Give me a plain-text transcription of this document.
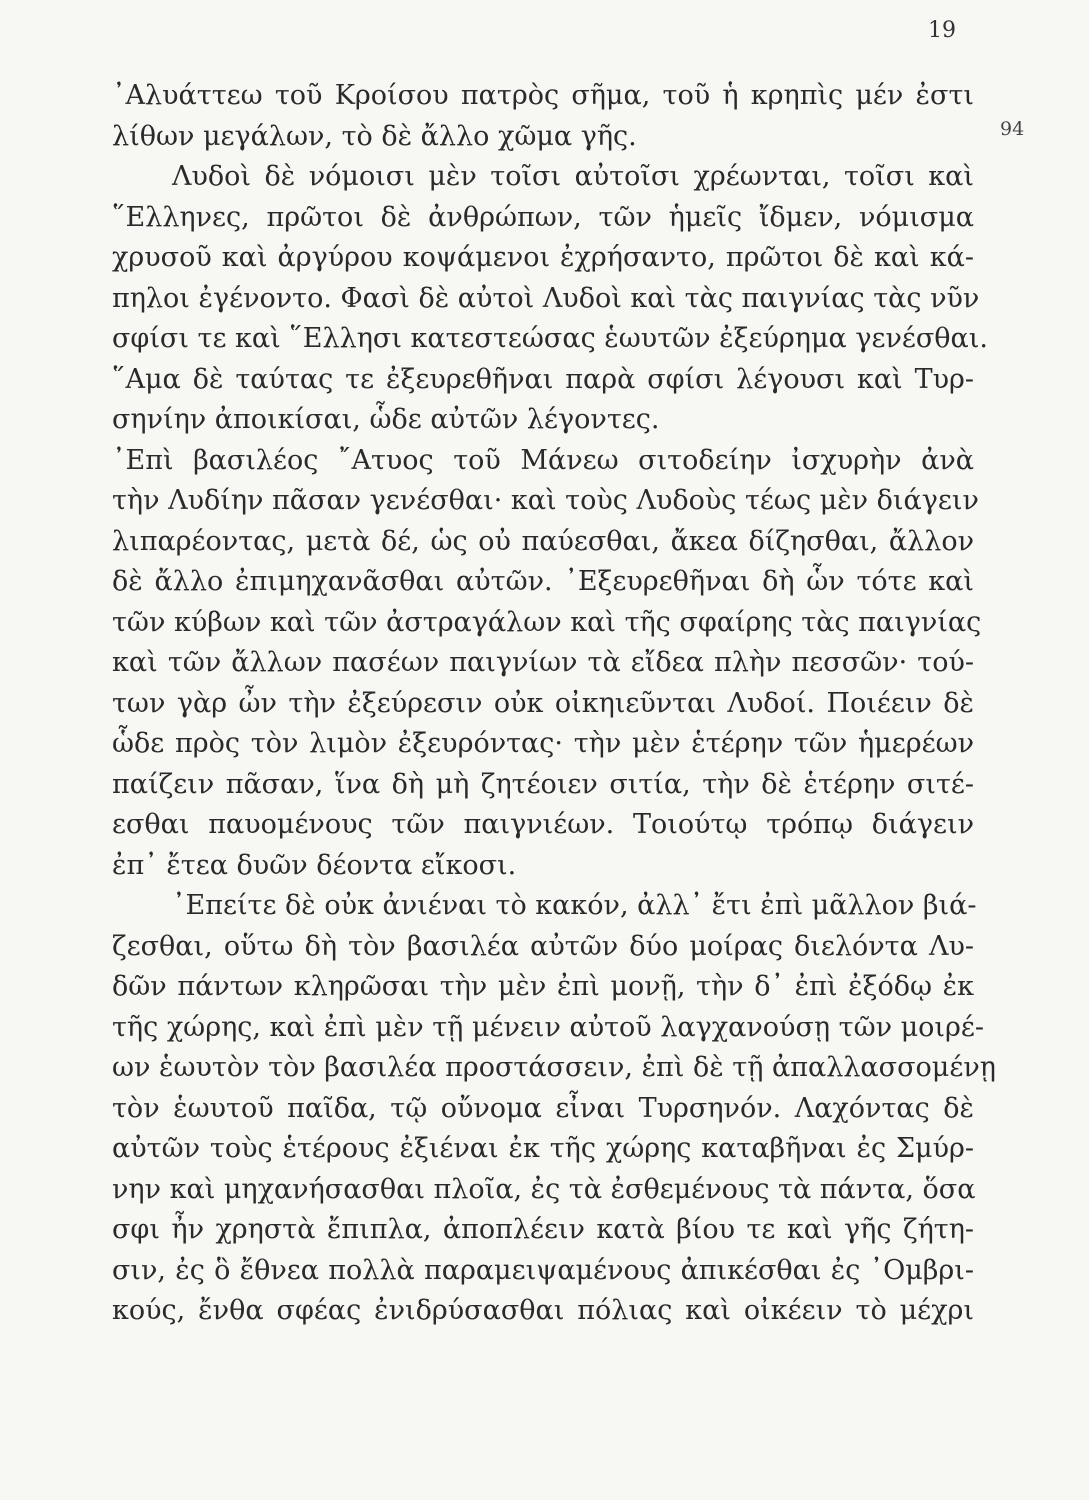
19
94
᾿Αλυάττεω τοῦ Κροίσου πατρὸς σῆμα, τοῦ ἡ κρηπὶς μέν ἐστι
λίθων μεγάλων, τὸ δὲ ἄλλο χῶμα γῆς.
Λυδοὶ δὲ νόμοισι μὲν τοῖσι αὐτοῖσι χρέωνται, τοῖσι καὶ
῞Ελληνες, πρῶτοι δὲ ἀνθρώπων, τῶν ἡμεῖς ἴδμεν, νόμισμα
χρυσοῦ καὶ ἀργύρου κοψάμενοι ἐχρήσαντο, πρῶτοι δὲ καὶ κά-
πηλοι ἐγένοντο. Φασὶ δὲ αὐτοὶ Λυδοὶ καὶ τὰς παιγνίας τὰς νῦν
σφίσι τε καὶ ῞Ελλησι κατεστεώσας ἑωυτῶν ἐξεύρημα γενέσθαι.
῞Αμα δὲ ταύτας τε ἐξευρεθῆναι παρὰ σφίσι λέγουσι καὶ Τυρ-
σηνίην ἀποικίσαι, ὧδε αὐτῶν λέγοντες.
᾿Επὶ βασιλέος ῎Ατυος τοῦ Μάνεω σιτοδείην ἰσχυρὴν ἀνὰ
τὴν Λυδίην πᾶσαν γενέσθαι· καὶ τοὺς Λυδοὺς τέως μὲν διάγειν
λιπαρέοντας, μετὰ δέ, ὡς οὐ παύεσθαι, ἄκεα δίζησθαι, ἄλλον
δὲ ἄλλο ἐπιμηχανᾶσθαι αὐτῶν. ᾿Εξευρεθῆναι δὴ ὧν τότε καὶ
τῶν κύβων καὶ τῶν ἀστραγάλων καὶ τῆς σφαίρης τὰς παιγνίας
καὶ τῶν ἄλλων πασέων παιγνίων τὰ εἴδεα πλὴν πεσσῶν· τού-
των γὰρ ὦν τὴν ἐξεύρεσιν οὐκ οἰκηιεῦνται Λυδοί. Ποιέειν δὲ
ὧδε πρὸς τὸν λιμὸν ἐξευρόντας· τὴν μὲν ἑτέρην τῶν ἡμερέων
παίζειν πᾶσαν, ἵνα δὴ μὴ ζητέοιεν σιτία, τὴν δὲ ἑτέρην σιτέ-
εσθαι παυομένους τῶν παιγνιέων. Τοιούτῳ τρόπῳ διάγειν
ἐπ᾿ ἔτεα δυῶν δέοντα εἴκοσι.
᾿Επείτε δὲ οὐκ ἀνιέναι τὸ κακόν, ἀλλ᾿ ἔτι ἐπὶ μᾶλλον βιά-
ζεσθαι, οὕτω δὴ τὸν βασιλέα αὐτῶν δύο μοίρας διελόντα Λυ-
δῶν πάντων κληρῶσαι τὴν μὲν ἐπὶ μονῇ, τὴν δ᾿ ἐπὶ ἐξόδῳ ἐκ
τῆς χώρης, καὶ ἐπὶ μὲν τῇ μένειν αὐτοῦ λαγχανούσῃ τῶν μοιρέ-
ων ἑωυτὸν τὸν βασιλέα προστάσσειν, ἐπὶ δὲ τῇ ἀπαλλασσομένῃ
τὸν ἑωυτοῦ παῖδα, τῷ οὔνομα εἶναι Τυρσηνόν. Λαχόντας δὲ
αὐτῶν τοὺς ἑτέρους ἐξιέναι ἐκ τῆς χώρης καταβῆναι ἐς Σμύρ-
νην καὶ μηχανήσασθαι πλοῖα, ἐς τὰ ἐσθεμένους τὰ πάντα, ὅσα
σφι ἦν χρηστὰ ἔπιπλα, ἀποπλέειν κατὰ βίου τε καὶ γῆς ζήτη-
σιν, ἐς ὃ ἔθνεα πολλὰ παραμειψαμένους ἀπικέσθαι ἐς ᾿Ομβρι-
κούς, ἔνθα σφέας ἐνιδρύσασθαι πόλιας καὶ οἰκέειν τὸ μέχρι
